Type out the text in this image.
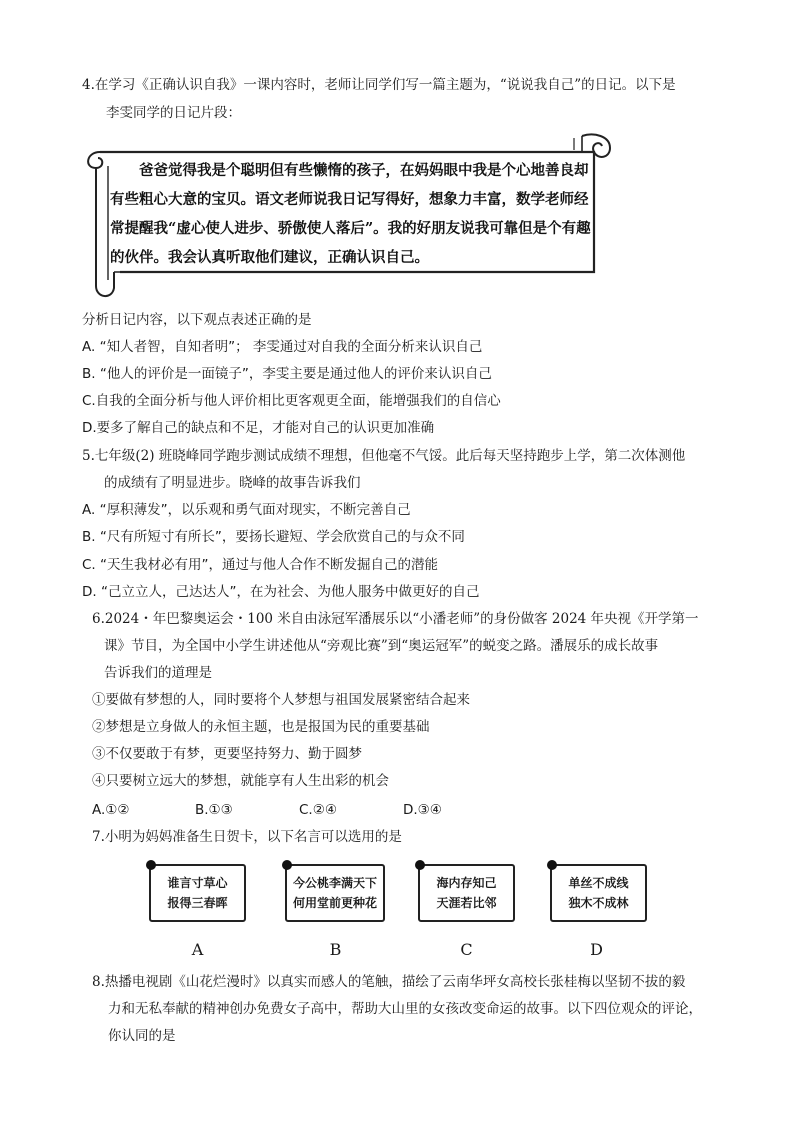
4.在学习《正确认识自我》一课内容时，老师让同学们写一篇主题为，“说说我自己”的日记。以下是
李雯同学的日记片段：

爸爸觉得我是个聪明但有些懒惰的孩子，在妈妈眼中我是个心地善良却有些粗心大意的宝贝。语文老师说我日记写得好，想象力丰富，数学老师经常提醒我“虚心使人进步、骄傲使人落后”。我的好朋友说我可靠但是个有趣的伙伴。我会认真听取他们建议，正确认识自己。

分析日记内容，以下观点表述正确的是
A. “知人者智，自知者明”； 李雯通过对自我的全面分析来认识自己
B. “他人的评价是一面镜子”，李雯主要是通过他人的评价来认识自己
C.自我的全面分析与他人评价相比更客观更全面，能增强我们的自信心
D.要多了解自己的缺点和不足，才能对自己的认识更加准确
5.七年级(2) 班晓峰同学跑步测试成绩不理想，但他毫不气馁。此后每天坚持跑步上学，第二次体测他
的成绩有了明显进步。晓峰的故事告诉我们
A. “厚积薄发”，以乐观和勇气面对现实，不断完善自己
B. “尺有所短寸有所长”，要扬长避短、学会欣赏自己的与众不同
C. “天生我材必有用”，通过与他人合作不断发掘自己的潜能
D. “己立立人，己达达人”，在为社会、为他人服务中做更好的自己
6.2024・年巴黎奥运会・100 米自由泳冠军潘展乐以“小潘老师”的身份做客 2024 年央视《开学第一
课》节目，为全国中小学生讲述他从“旁观比赛”到“奥运冠军”的蜕变之路。潘展乐的成长故事
告诉我们的道理是
①要做有梦想的人，同时要将个人梦想与祖国发展紧密结合起来
②梦想是立身做人的永恒主题，也是报国为民的重要基础
③不仅要敢于有梦，更要坚持努力、勤于圆梦
④只要树立远大的梦想，就能享有人生出彩的机会
A.①②	B.①③	C.②④	D.③④
7.小明为妈妈准备生日贺卡，以下名言可以选用的是
谁言寸草心
报得三春晖
今公桃李满天下
何用堂前更种花
海内存知己
天涯若比邻
单丝不成线
独木不成林
A	B	C	D
8.热播电视剧《山花烂漫时》以真实而感人的笔触，描绘了云南华坪女高校长张桂梅以坚韧不拔的毅
力和无私奉献的精神创办免费女子高中，帮助大山里的女孩改变命运的故事。以下四位观众的评论，
你认同的是
